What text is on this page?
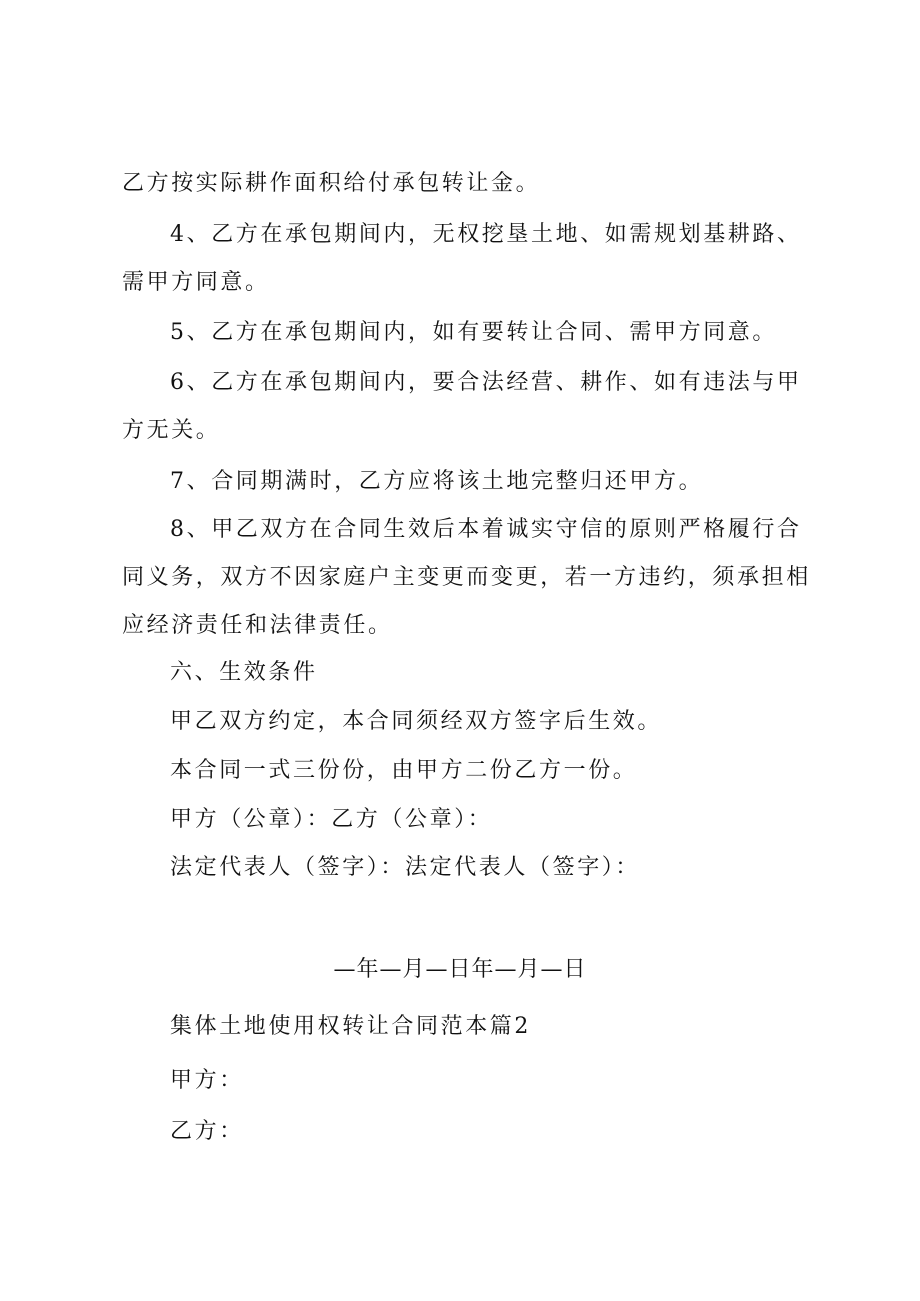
乙方按实际耕作面积给付承包转让金。

4、乙方在承包期间内，无权挖垦土地、如需规划基耕路、需甲方同意。

5、乙方在承包期间内，如有要转让合同、需甲方同意。

6、乙方在承包期间内，要合法经营、耕作、如有违法与甲方无关。

7、合同期满时，乙方应将该土地完整归还甲方。

8、甲乙双方在合同生效后本着诚实守信的原则严格履行合同义务，双方不因家庭户主变更而变更，若一方违约，须承担相应经济责任和法律责任。

六、生效条件

甲乙双方约定，本合同须经双方签字后生效。

本合同一式三份份，由甲方二份乙方一份。

甲方（公章）：乙方（公章）：

法定代表人（签字）：法定代表人（签字）：

—年—月—日年—月—日

集体土地使用权转让合同范本篇2

甲方：

乙方：
